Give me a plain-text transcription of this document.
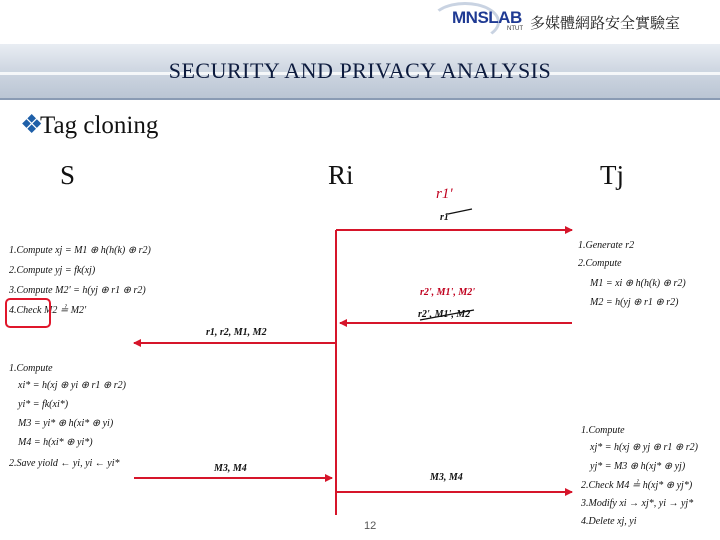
MNSLAB
NTUT 多媒體網路安全實驗室
SECURITY AND PRIVACY ANALYSIS
❖
Tag cloning
S	Ri	Tj
r1'
r1
r2', M1', M2'
r2', M1', M2
r1, r2, M1, M2
M3, M4
M3, M4
1.Generate r2
2.Compute
M1 = xi ⊕ h(h(k) ⊕ r2)
M2 = h(yj ⊕ r1 ⊕ r2)
1.Compute xj = M1 ⊕ h(h(k) ⊕ r2)
2.Compute yj = fk(xj)
3.Compute M2' = h(yj ⊕ r1 ⊕ r2)
4.Check M2 ≟ M2'
1.Compute
xi* = h(xj ⊕ yi ⊕ r1 ⊕ r2)
yi* = fk(xi*)
M3 = yi* ⊕ h(xi* ⊕ yi)
M4 = h(xi* ⊕ yi*)
2.Save yiold ← yi, yi ← yi*
1.Compute
xj* = h(xj ⊕ yj ⊕ r1 ⊕ r2)
yj* = M3 ⊕ h(xj* ⊕ yj)
2.Check M4 ≟ h(xj* ⊕ yj*)
3.Modify xi → xj*, yi → yj*
4.Delete xj, yi
12
